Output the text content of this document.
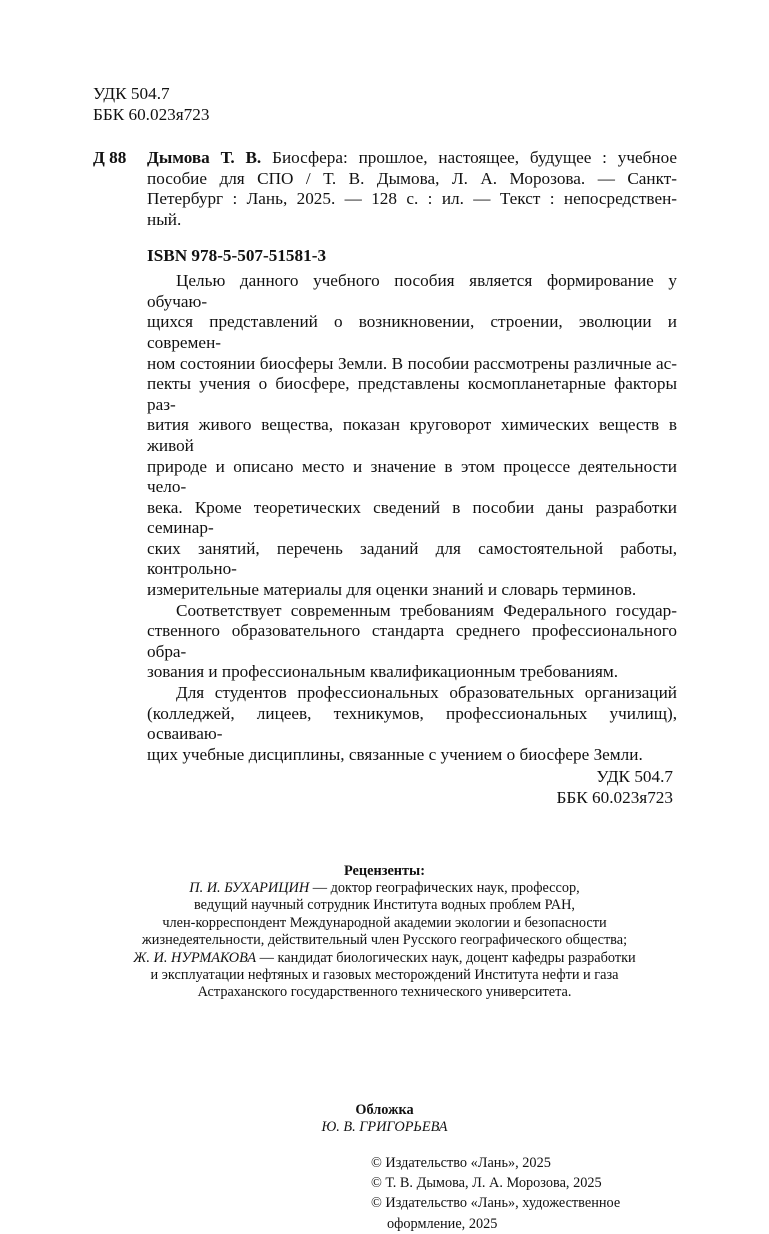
УДК 504.7
ББК 60.023я723
Д 88	Дымова Т. В. Биосфера: прошлое, настоящее, будущее : учебное
пособие для СПО / Т. В. Дымова, Л. А. Морозова. — Санкт-
Петербург : Лань, 2025. — 128 с. : ил. — Текст : непосредствен-
ный.
ISBN 978-5-507-51581-3
Целью данного учебного пособия является формирование у обучаю-
щихся представлений о возникновении, строении, эволюции и современ-
ном состоянии биосферы Земли. В пособии рассмотрены различные ас-
пекты учения о биосфере, представлены космопланетарные факторы раз-
вития живого вещества, показан круговорот химических веществ в живой
природе и описано место и значение в этом процессе деятельности чело-
века. Кроме теоретических сведений в пособии даны разработки семинар-
ских занятий, перечень заданий для самостоятельной работы, контрольно-
измерительные материалы для оценки знаний и словарь терминов.
Соответствует современным требованиям Федерального государ-
ственного образовательного стандарта среднего профессионального обра-
зования и профессиональным квалификационным требованиям.
Для студентов профессиональных образовательных организаций
(колледжей, лицеев, техникумов, профессиональных училищ), осваиваю-
щих учебные дисциплины, связанные с учением о биосфере Земли.
УДК 504.7
ББК 60.023я723
Рецензенты:
П. И. БУХАРИЦИН — доктор географических наук, профессор,
ведущий научный сотрудник Института водных проблем РАН,
член-корреспондент Международной академии экологии и безопасности
жизнедеятельности, действительный член Русского географического общества;
Ж. И. НУРМАКОВА — кандидат биологических наук, доцент кафедры разработки
и эксплуатации нефтяных и газовых месторождений Института нефти и газа
Астраханского государственного технического университета.
Обложка
Ю. В. ГРИГОРЬЕВА
© Издательство «Лань», 2025
© Т. В. Дымова, Л. А. Морозова, 2025
© Издательство «Лань», художественное
оформление, 2025
